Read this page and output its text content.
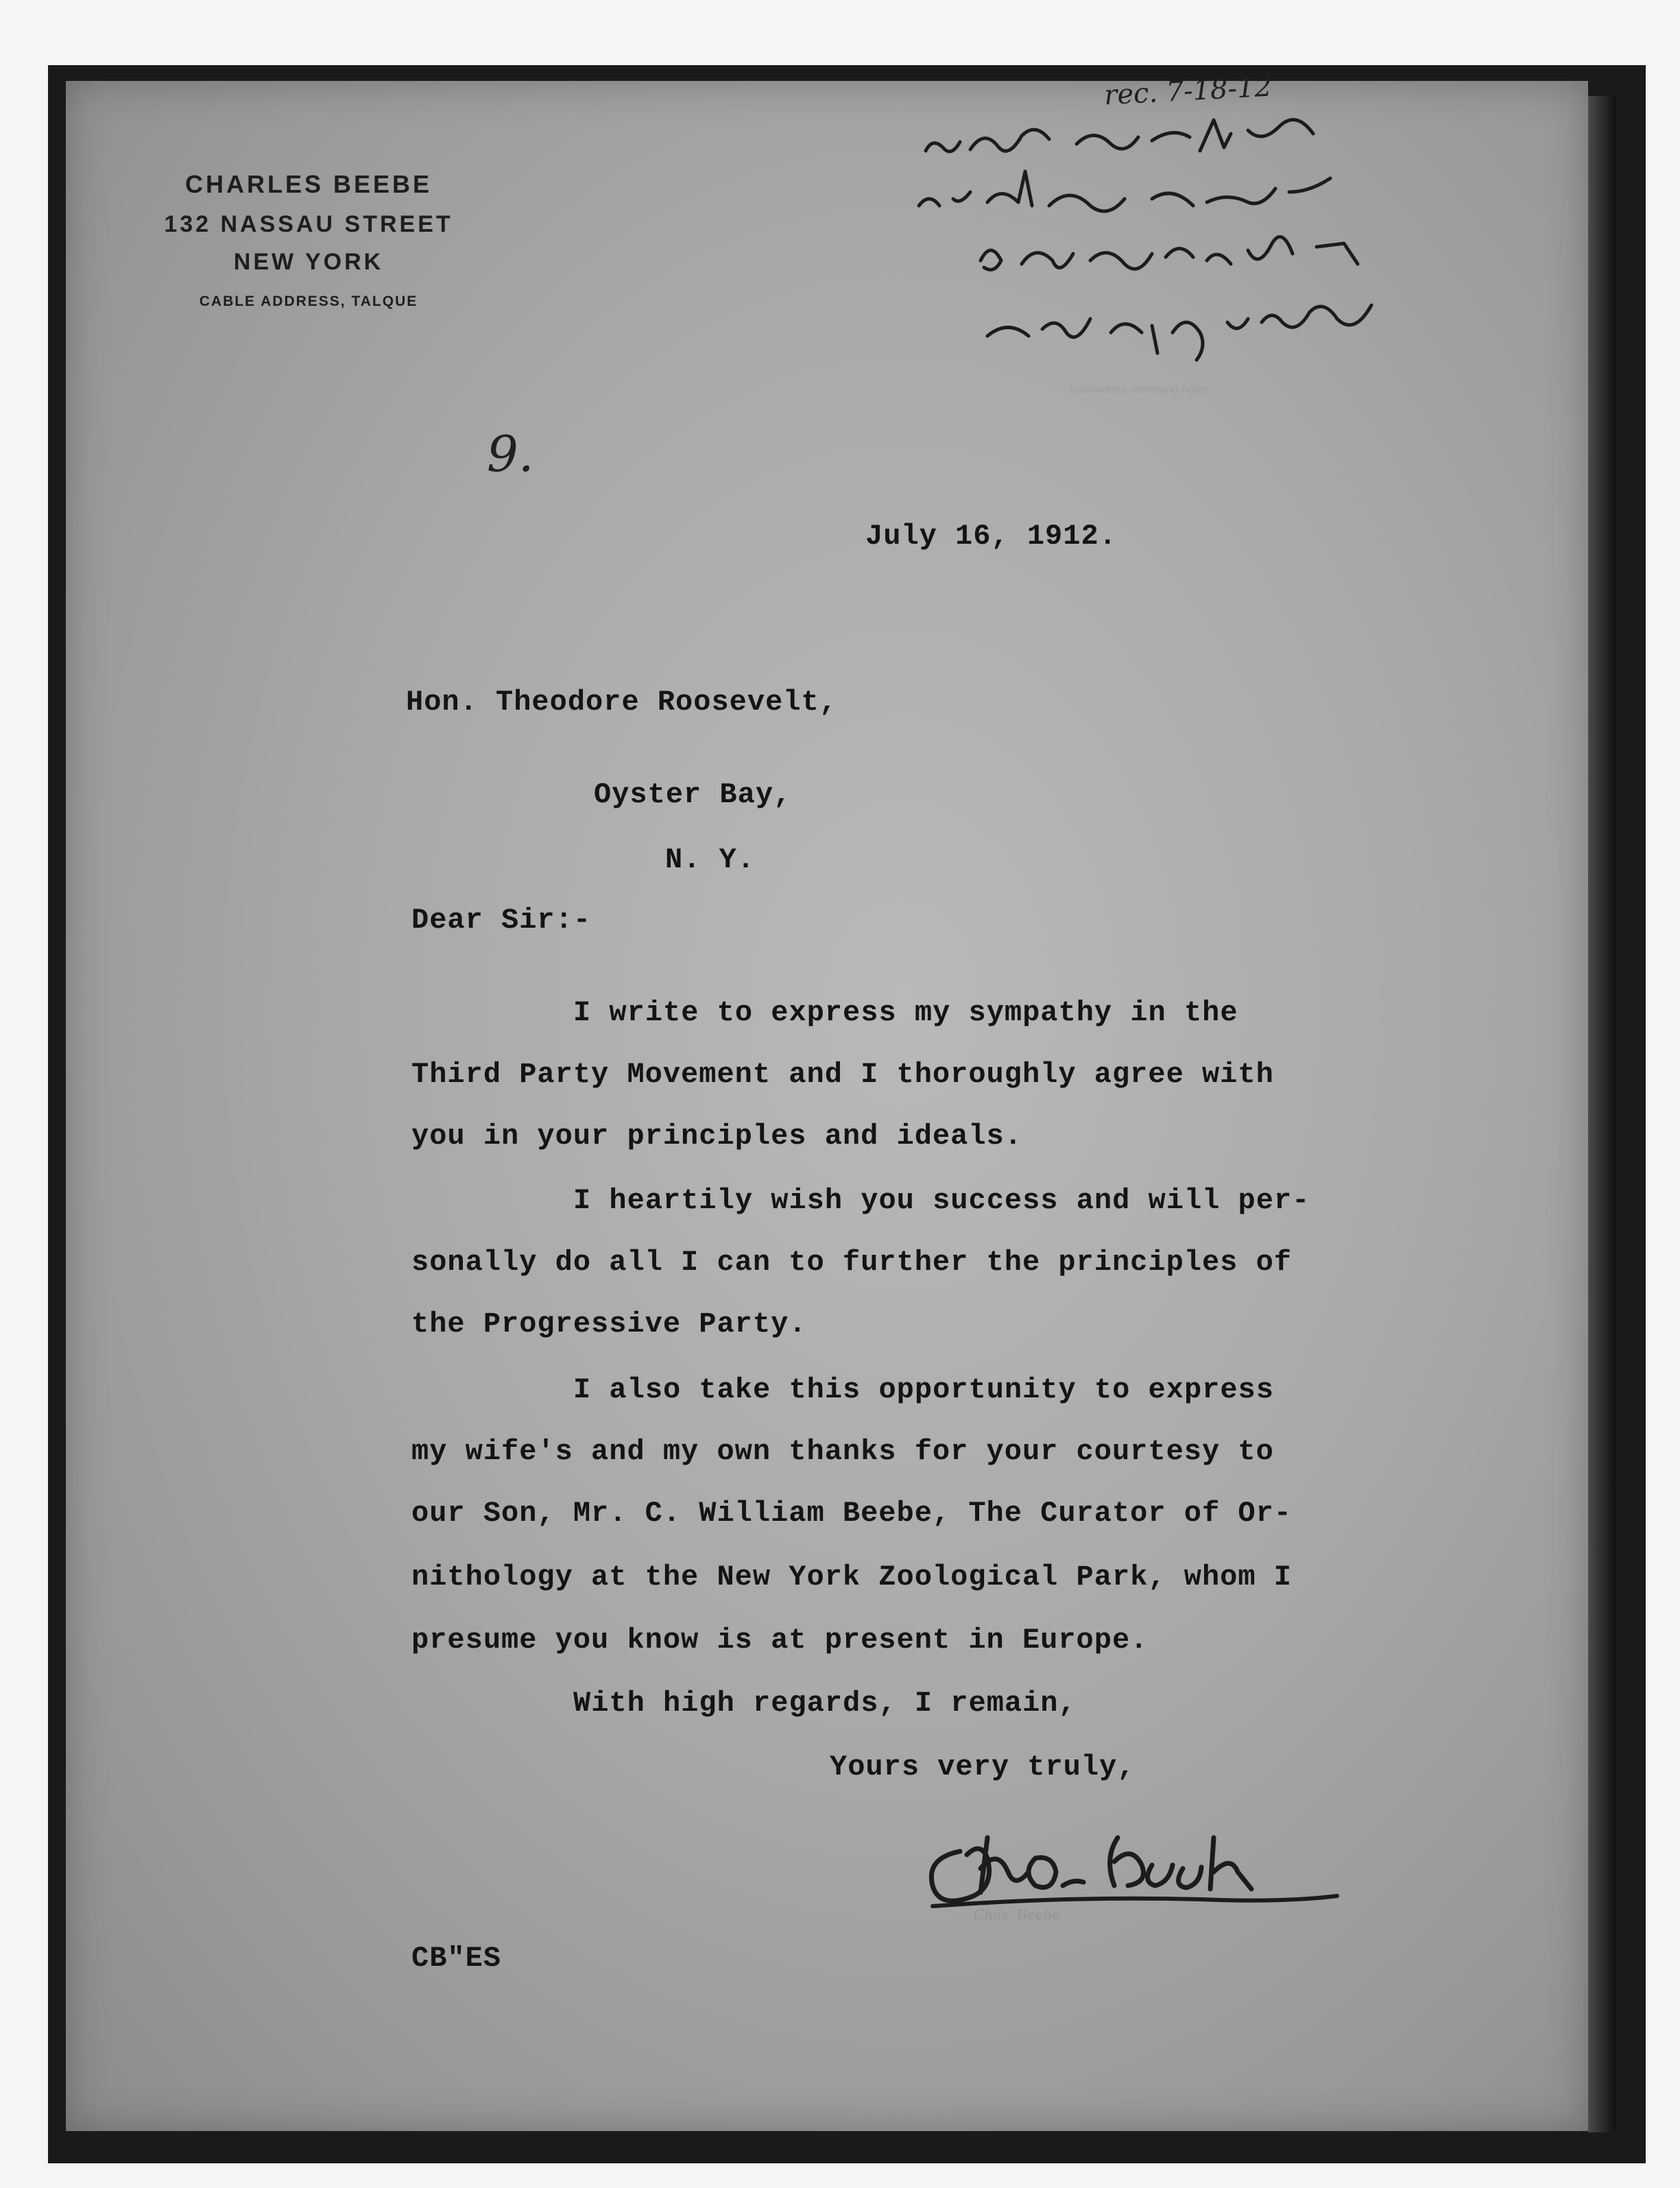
CHARLES BEEBE
132 NASSAU STREET
NEW YORK
CABLE ADDRESS, TALQUE
rec. 7-18-12
9.
July 16, 1912.
Hon. Theodore Roosevelt,
Oyster Bay,
N. Y.
Dear Sir:-
I write to express my sympathy in the
Third Party Movement and I thoroughly agree with
you in your principles and ideals.
I heartily wish you success and will per-
sonally do all I can to further the principles of
the Progressive Party.
I also take this opportunity to express
my wife's and my own thanks for your courtesy to
our Son, Mr. C. William Beebe, The Curator of Or-
nithology at the New York Zoological Park, whom I
presume you know is at present in Europe.
With high regards, I remain,
Yours very truly,
Chas. Beebe
CB"ES
handwritten shorthand notes
